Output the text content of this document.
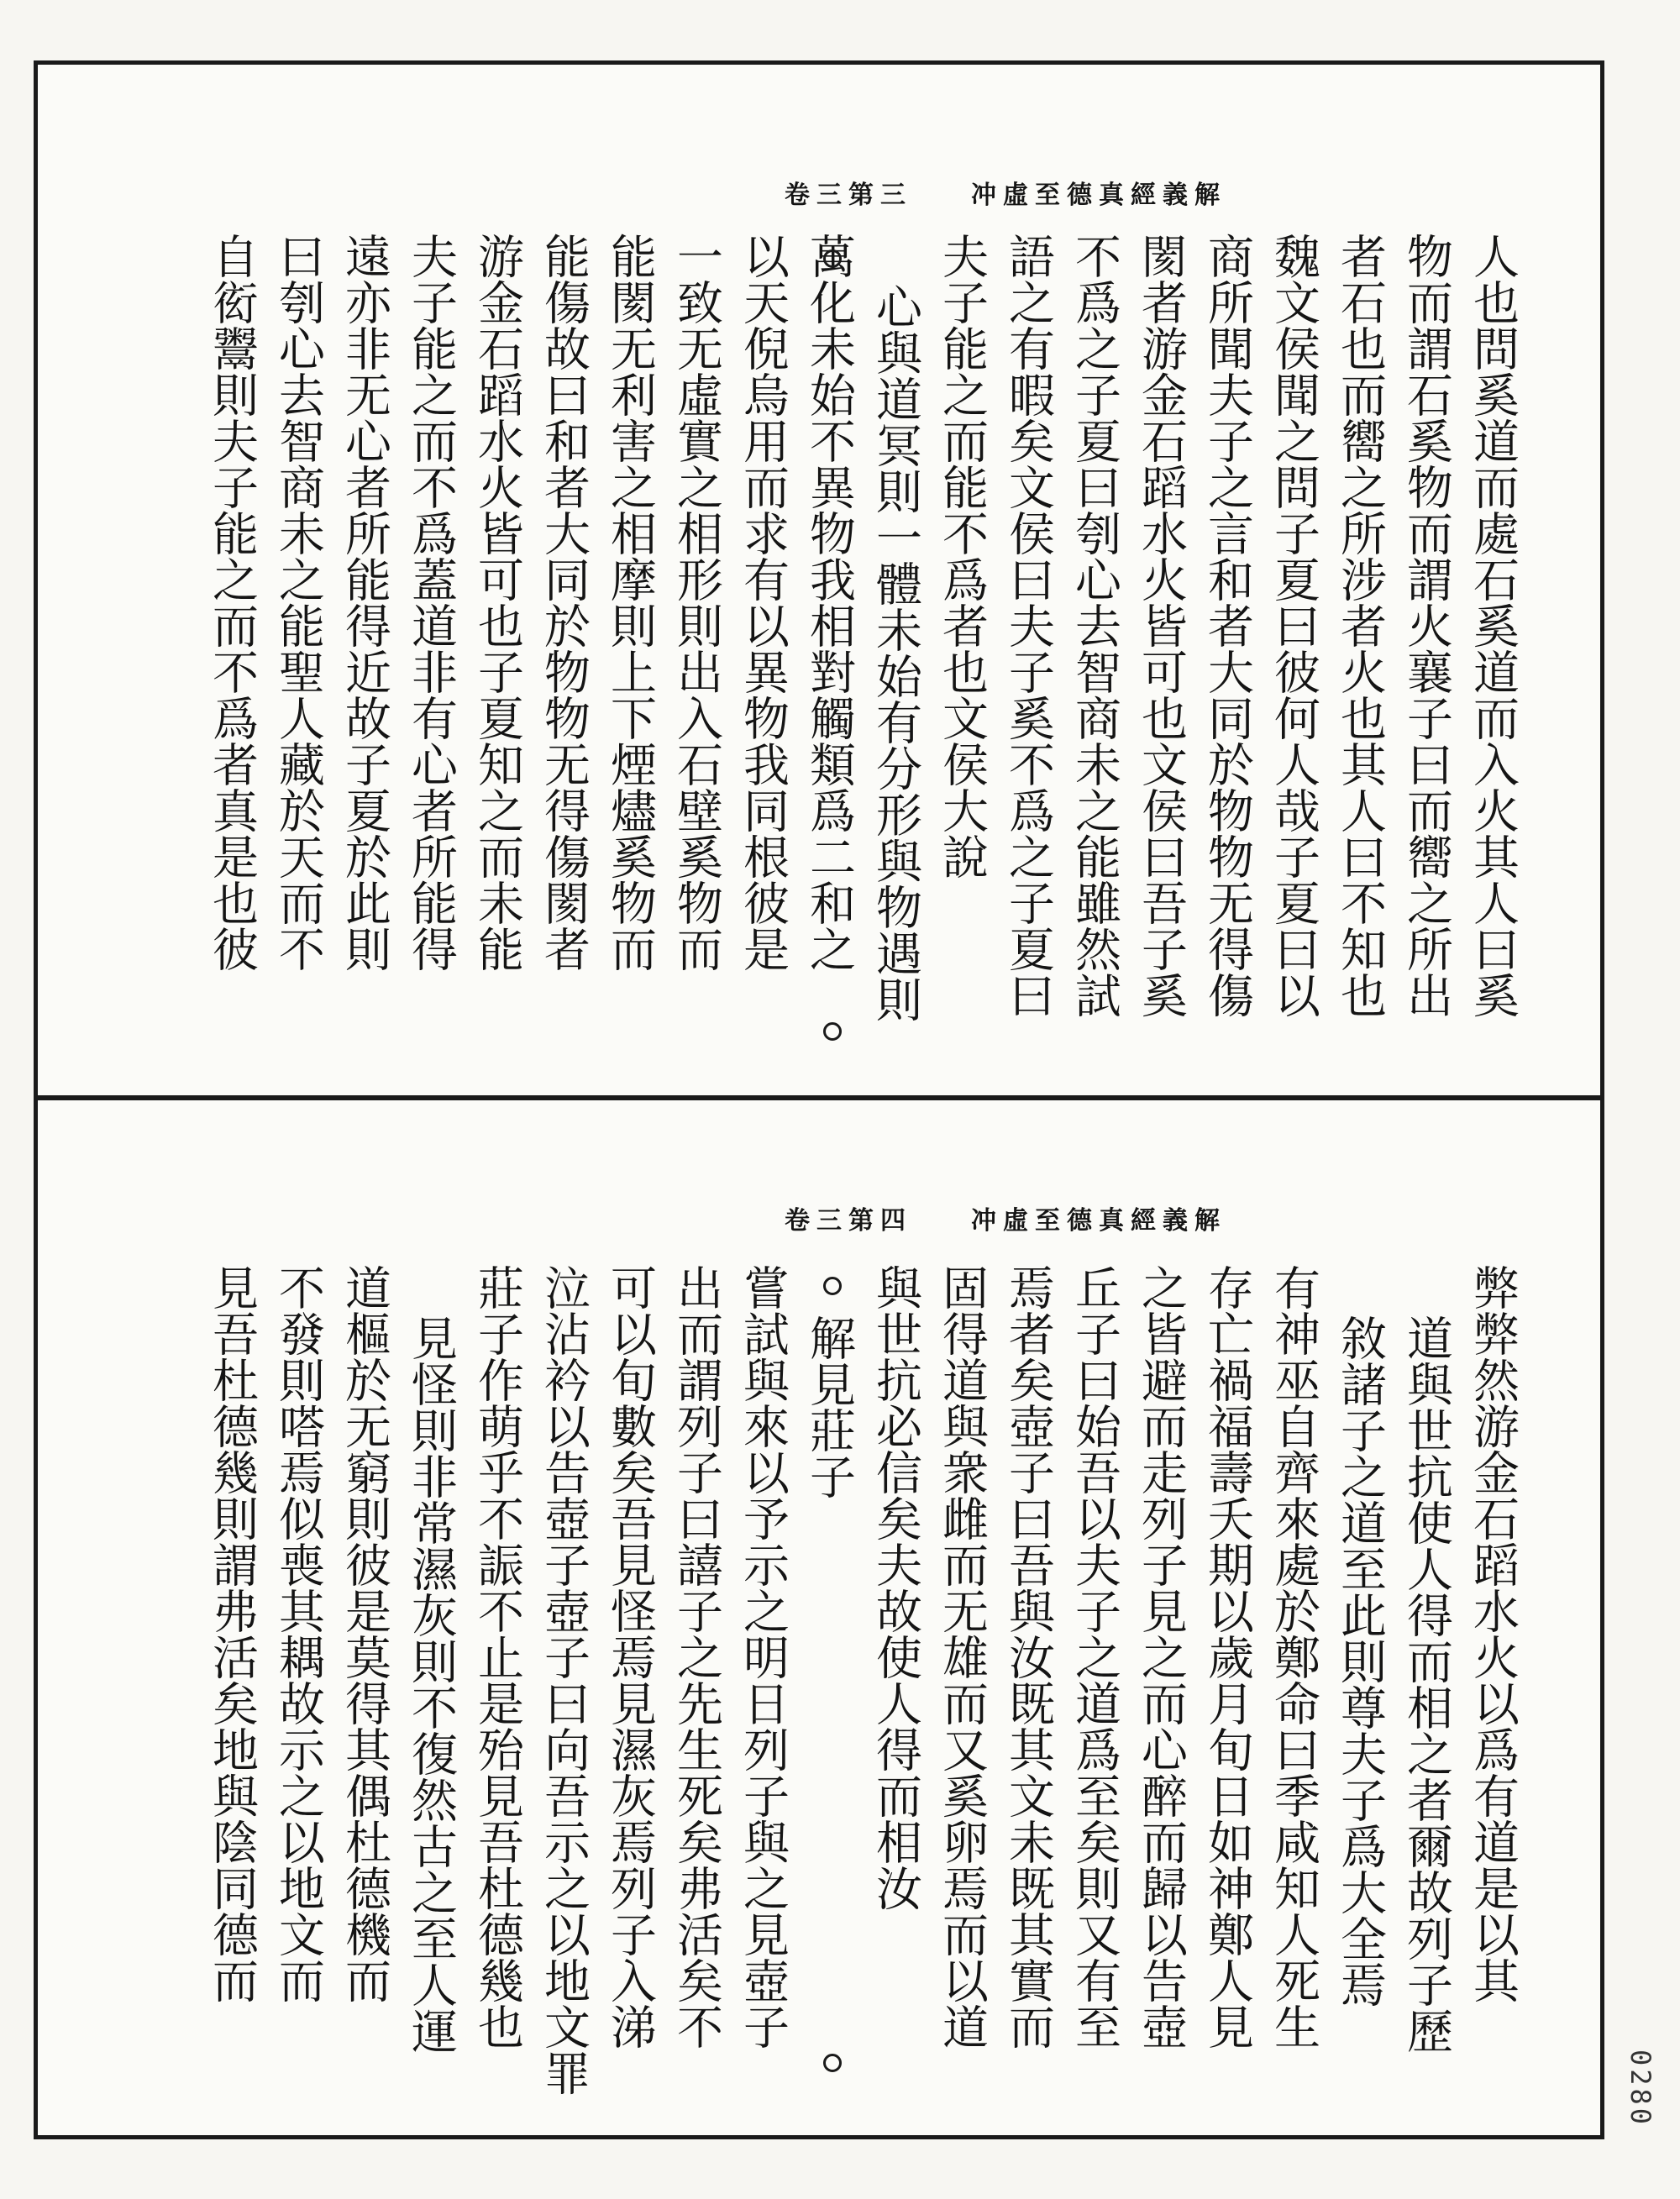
冲虛至德真經義解
卷三第三
人也問奚道而處石奚道而入火其人曰奚
物而謂石奚物而謂火襄子曰而嚮之所出
者石也而嚮之所涉者火也其人曰不知也
魏文侯聞之問子夏曰彼何人哉子夏曰以
商所聞夫子之言和者大同於物物无得傷
閡者游金石蹈水火皆可也文侯曰吾子奚
不爲之子夏曰刳心去智商未之能雖然試
語之有暇矣文侯曰夫子奚不爲之子夏曰
夫子能之而能不爲者也文侯大說
心與道冥則一體未始有分形與物遇則
萬化未始不異物我相對觸類爲二和之
以天倪烏用而求有以異物我同根彼是
一致无虛實之相形則出入石壁奚物而
能閡无利害之相摩則上下煙燼奚物而
能傷故曰和者大同於物物无得傷閡者
游金石蹈水火皆可也子夏知之而未能
夫子能之而不爲蓋道非有心者所能得
遠亦非无心者所能得近故子夏於此則
曰刳心去智商未之能聖人藏於天而不
自衒鬻則夫子能之而不爲者真是也彼
冲虛至德真經義解
卷三第四
弊弊然游金石蹈水火以爲有道是以其
道與世抗使人得而相之者爾故列子歷
敘諸子之道至此則尊夫子爲大全焉
有神巫自齊來處於鄭命曰季咸知人死生
存亡禍福壽夭期以歲月旬日如神鄭人見
之皆避而走列子見之而心醉而歸以告壺
丘子曰始吾以夫子之道爲至矣則又有至
焉者矣壺子曰吾與汝既其文未既其實而
固得道與衆雌而无雄而又奚卵焉而以道
與世抗必信矣夫故使人得而相汝
解見莊子
嘗試與來以予示之明日列子與之見壺子
出而謂列子曰譆子之先生死矣弗活矣不
可以旬數矣吾見怪焉見濕灰焉列子入涕
泣沾衿以告壺子壺子曰向吾示之以地文罪
莊子作萌乎不誫不止是殆見吾杜德幾也
見怪則非常濕灰則不復然古之至人運
道樞於无窮則彼是莫得其偶杜德機而
不發則嗒焉似喪其耦故示之以地文而
見吾杜德幾則謂弗活矣地與陰同德而
0280
